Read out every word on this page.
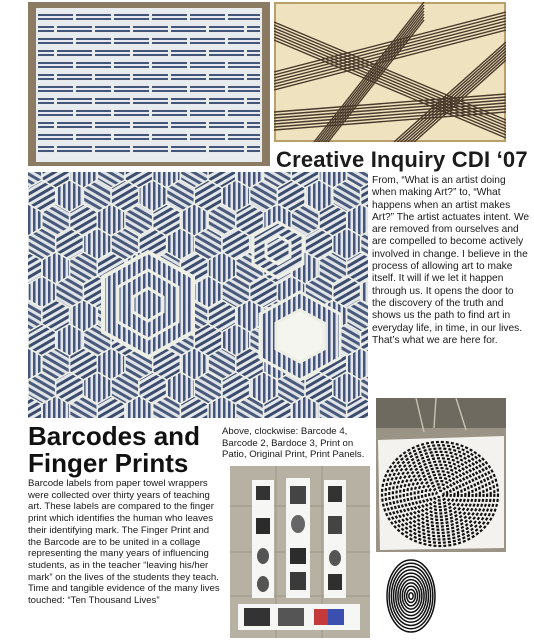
Creative Inquiry CDI ‘07

From, “What is an artist doing when making Art?” to, “What happens when an artist makes Art?” The artist actuates intent. We are removed from ourselves and are compelled to become actively involved in change. I believe in the process of allowing art to make itself. It will if we let it happen through us. It opens the door to the discovery of the truth and shows us the path to find art in everyday life, in time, in our lives. That’s what we are here for.

Barcodes and
Finger Prints
Above, clockwise: Barcode 4, Barcode 2, Bardoce 3, Print on Patio, Original Print, Print Panels.
Barcode labels from paper towel wrappers were collected over thirty years of teaching art. These labels are compared to the finger print which identifies the human who leaves their identifying mark. The Finger Print and the Barcode are to be united in a collage representing the many years of influencing students, as in the teacher “leaving his/her mark” on the lives of the students they teach. Time and tangible evidence of the many lives touched: “Ten Thousand Lives”
